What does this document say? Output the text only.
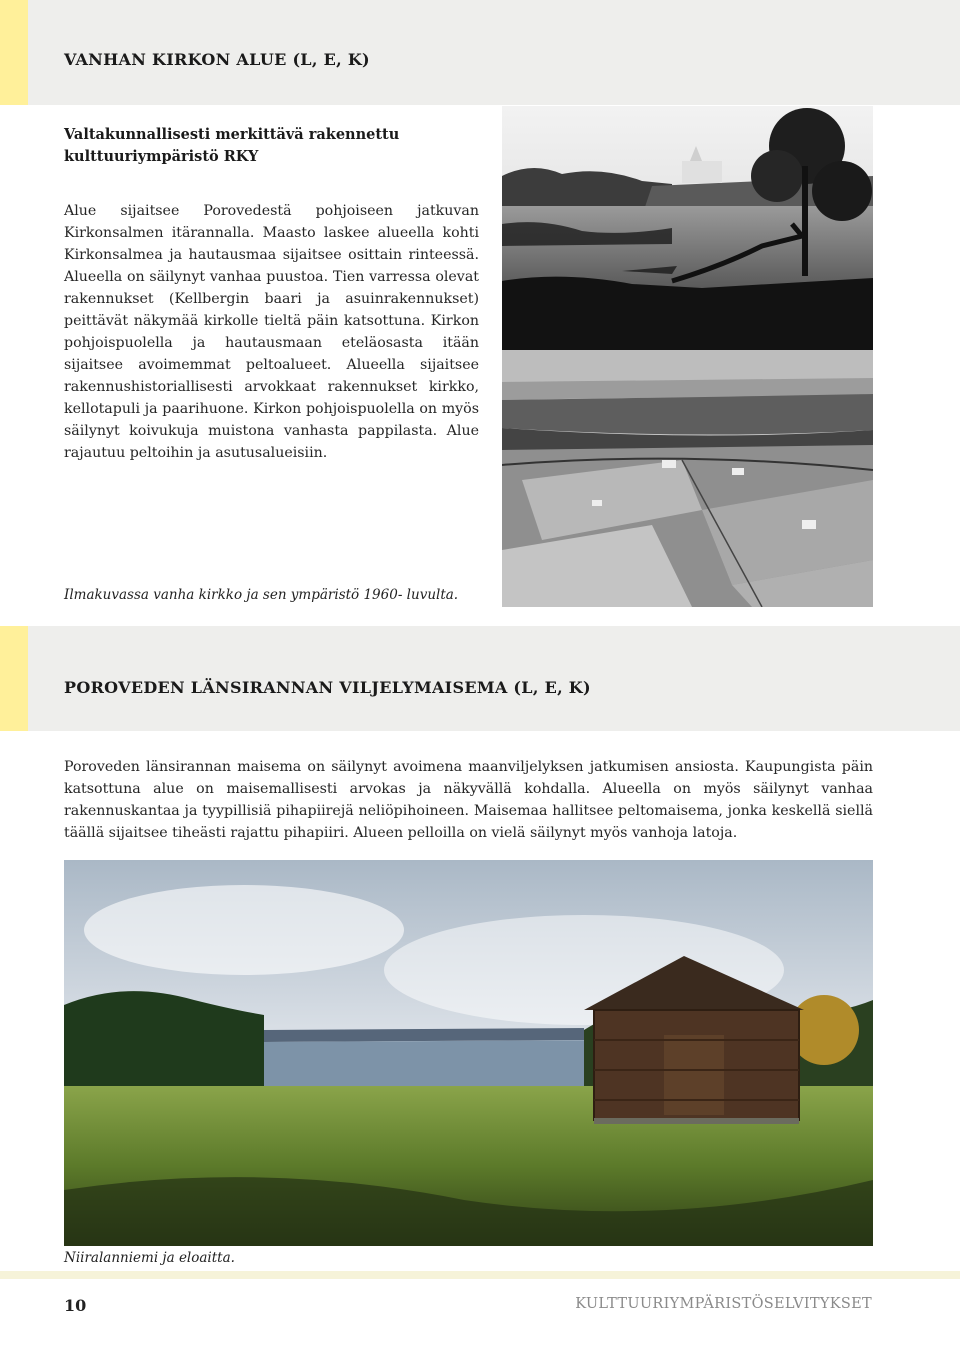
VANHAN KIRKON ALUE (L, E, K)
Valtakunnallisesti merkittävä rakennettu kulttuuriympäristö RKY

Alue sijaitsee Porovedestä pohjoiseen jatkuvan Kirkonsalmen itärannalla. Maasto laskee alueella kohti Kirkonsalmea ja hautausmaa sijaitsee osittain rinteessä. Alueella on säilynyt vanhaa puustoa. Tien varressa olevat rakennukset (Kellbergin baari ja asuinrakennukset) peittävät näkymää kirkolle tieltä päin katsottuna. Kirkon pohjoispuolella ja hautausmaan eteläosasta itään sijaitsee avoimemmat peltoalueet. Alueella sijaitsee rakennushistoriallisesti arvokkaat rakennukset kirkko, kellotapuli ja paarihuone. Kirkon pohjoispuolella on myös säilynyt koivukuja muistona vanhasta pappilasta. Alue rajautuu peltoihin ja asutusalueisiin.

Ilmakuvassa vanha kirkko ja sen ympäristö 1960- luvulta.
POROVEDEN LÄNSIRANNAN VILJELYMAISEMA (L, E, K)

Poroveden länsirannan maisema on säilynyt avoimena maanviljelyksen jatkumisen ansiosta. Kaupungista päin katsottuna alue on maisemallisesti arvokas ja näkyvällä kohdalla. Alueella on myös säilynyt vanhaa rakennuskantaa ja tyypillisiä pihapiirejä neliöpihoineen. Maisemaa hallitsee peltomaisema, jonka keskellä siellä täällä sijaitsee tiheästi rajattu pihapiiri. Alueen pelloilla on vielä säilynyt myös vanhoja latoja.

Niiralanniemi ja eloaitta.
10	KULTTUURIYMPÄRISTÖSELVITYKSET
